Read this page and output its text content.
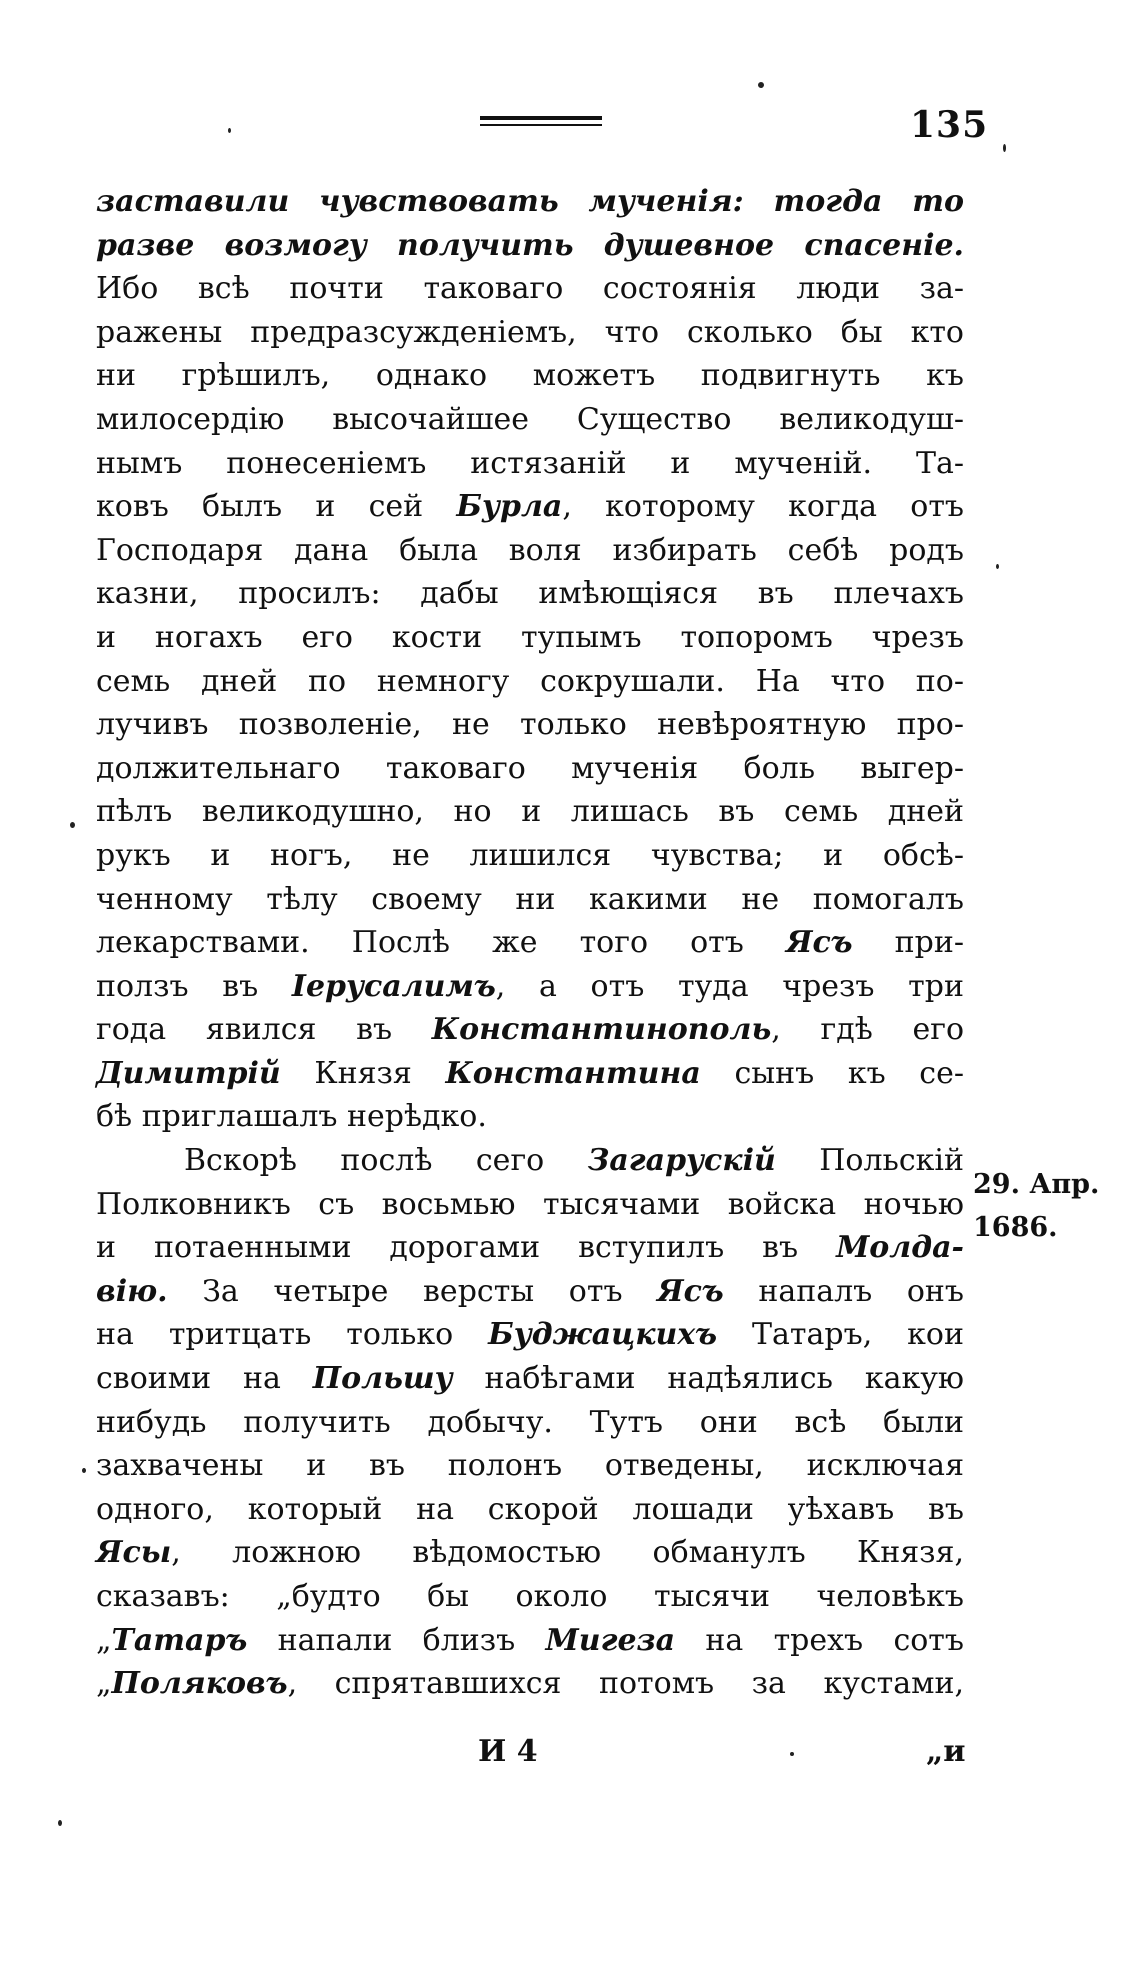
135
заставили чувствовать мученія: тогда то
разве возмогу получить душевное спасеніе.
Ибо всѣ почти таковаго состоянія люди за-
ражены предразсужденіемъ, что сколько бы кто
ни грѣшилъ, однако можетъ подвигнуть къ
милосердію высочайшее Существо великодуш-
нымъ понесеніемъ истязаній и мученій. Та-
ковъ былъ и сей Бурла, которому когда отъ
Господаря дана была воля избирать себѣ родъ
казни, просилъ: дабы имѣющіяся въ плечахъ
и ногахъ его кости тупымъ топоромъ чрезъ
семь дней по немногу сокрушали. На что по-
лучивъ позволеніе, не только невѣроятную про-
должительнаго таковаго мученія боль выгер-
пѣлъ великодушно, но и лишась въ семь дней
рукъ и ногъ, не лишился чувства; и обсѣ-
ченному тѣлу своему ни какими не помогалъ
лекарствами. Послѣ же того отъ Ясъ при-
ползъ въ Іерусалимъ, а отъ туда чрезъ три
года явился въ Константинополь, гдѣ его
Димитрій Князя Константина сынъ къ се-
бѣ приглашалъ нерѣдко.
Вскорѣ послѣ сего Загарускій Польскій
Полковникъ съ восьмью тысячами войска ночью
и потаенными дорогами вступилъ въ Молда-
вію. За четыре версты отъ Ясъ напалъ онъ
на тритцать только Буджацкихъ Татаръ, кои
своими на Польшу набѣгами надѣялись какую
нибудь получить добычу. Тутъ они всѣ были
захвачены и въ полонъ отведены, исключая
одного, который на скорой лошади уѣхавъ въ
Ясы, ложною вѣдомостью обманулъ Князя,
сказавъ: „будто бы около тысячи человѣкъ
„Татаръ напали близъ Мигеза на трехъ сотъ
„Поляковъ, спрятавшихся потомъ за кустами,
29. Апр.
1686.
И 4	„и
